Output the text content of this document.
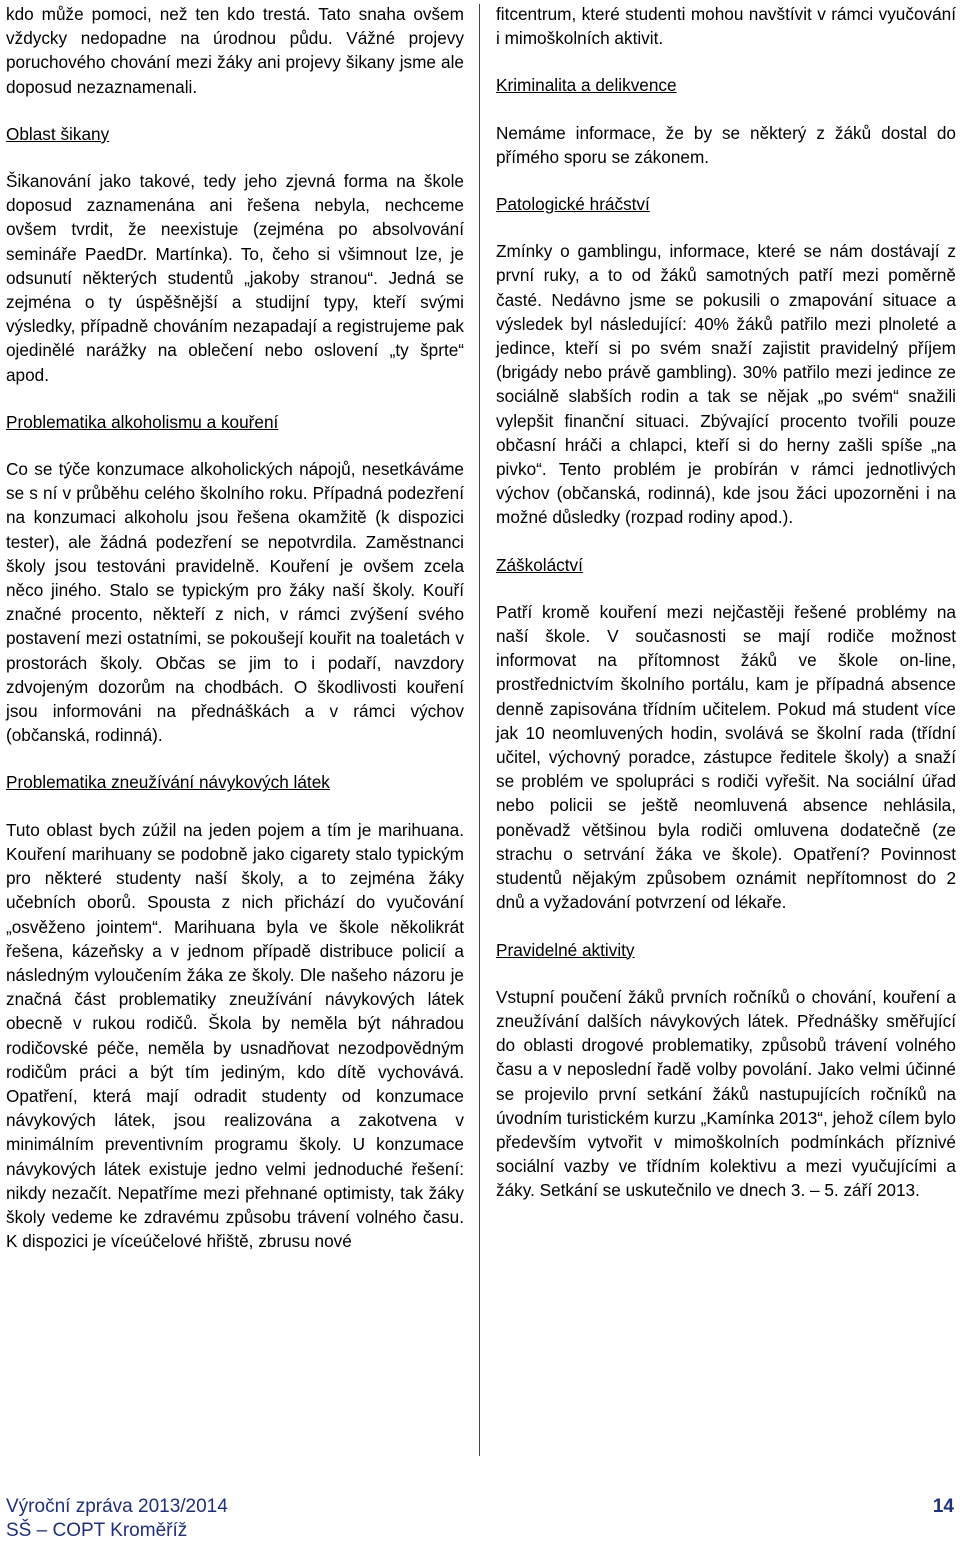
kdo může pomoci, než ten kdo trestá. Tato snaha ovšem vždycky nedopadne na úrodnou půdu. Vážné projevy poruchového chování mezi žáky ani projevy šikany jsme ale doposud nezaznamenali.

Oblast šikany

Šikanování jako takové, tedy jeho zjevná forma na škole doposud zaznamenána ani řešena nebyla, nechceme ovšem tvrdit, že neexistuje (zejména po absolvování semináře PaedDr. Martínka). To, čeho si všimnout lze, je odsunutí některých studentů „jakoby stranou“. Jedná se zejména o ty úspěšnější a studijní typy, kteří svými výsledky, případně chováním nezapadají a registrujeme pak ojedinělé narážky na oblečení nebo oslovení „ty šprte“ apod.

Problematika alkoholismu a kouření

Co se týče konzumace alkoholických nápojů, nesetkáváme se s ní v průběhu celého školního roku. Případná podezření na konzumaci alkoholu jsou řešena okamžitě (k dispozici tester), ale žádná podezření se nepotvrdila. Zaměstnanci školy jsou testováni pravidelně. Kouření je ovšem zcela něco jiného. Stalo se typickým pro žáky naší školy. Kouří značné procento, někteří z nich, v rámci zvýšení svého postavení mezi ostatními, se pokoušejí kouřit na toaletách v prostorách školy. Občas se jim to i podaří, navzdory zdvojeným dozorům na chodbách. O škodlivosti kouření jsou informováni na přednáškách a v rámci výchov (občanská, rodinná).

Problematika zneužívání návykových látek

Tuto oblast bych zúžil na jeden pojem a tím je marihuana. Kouření marihuany se podobně jako cigarety stalo typickým pro některé studenty naší školy, a to zejména žáky učebních oborů. Spousta z nich přichází do vyučování „osvěženo jointem“. Marihuana byla ve škole několikrát řešena, kázeňsky a v jednom případě distribuce policií a následným vyloučením žáka ze školy. Dle našeho názoru je značná část problematiky zneužívání návykových látek obecně v rukou rodičů. Škola by neměla být náhradou rodičovské péče, neměla by usnadňovat nezodpovědným rodičům práci a být tím jediným, kdo dítě vychovává. Opatření, která mají odradit studenty od konzumace návykových látek, jsou realizována a zakotvena v minimálním preventivním programu školy. U konzumace návykových látek existuje jedno velmi jednoduché řešení: nikdy nezačít. Nepatříme mezi přehnané optimisty, tak žáky školy vedeme ke zdravému způsobu trávení volného času. K dispozici je víceúčelové hřiště, zbrusu nové

fitcentrum, které studenti mohou navštívit v rámci vyučování i mimoškolních aktivit.

Kriminalita a delikvence

Nemáme informace, že by se některý z žáků dostal do přímého sporu se zákonem.

Patologické hráčství

Zmínky o gamblingu, informace, které se nám dostávají z první ruky, a to od žáků samotných patří mezi poměrně časté. Nedávno jsme se pokusili o zmapování situace a výsledek byl následující: 40% žáků patřilo mezi plnoleté a jedince, kteří si po svém snaží zajistit pravidelný příjem (brigády nebo právě gambling). 30% patřilo mezi jedince ze sociálně slabších rodin a tak se nějak „po svém“ snažili vylepšit finanční situaci. Zbývající procento tvořili pouze občasní hráči a chlapci, kteří si do herny zašli spíše „na pivko“. Tento problém je probírán v rámci jednotlivých výchov (občanská, rodinná), kde jsou žáci upozorněni i na možné důsledky (rozpad rodiny apod.).

Záškoláctví

Patří kromě kouření mezi nejčastěji řešené problémy na naší škole. V současnosti se mají rodiče možnost informovat na přítomnost žáků ve škole on-line, prostřednictvím školního portálu, kam je případná absence denně zapisována třídním učitelem. Pokud má student více jak 10 neomluvených hodin, svolává se školní rada (třídní učitel, výchovný poradce, zástupce ředitele školy) a snaží se problém ve spolupráci s rodiči vyřešit. Na sociální úřad nebo policii se ještě neomluvená absence nehlásila, poněvadž většinou byla rodiči omluvena dodatečně (ze strachu o setrvání žáka ve škole). Opatření? Povinnost studentů nějakým způsobem oznámit nepřítomnost do 2 dnů a vyžadování potvrzení od lékaře.

Pravidelné aktivity

Vstupní poučení žáků prvních ročníků o chování, kouření a zneužívání dalších návykových látek. Přednášky směřující do oblasti drogové problematiky, způsobů trávení volného času a v neposlední řadě volby povolání. Jako velmi účinné se projevilo první setkání žáků nastupujících ročníků na úvodním turistickém kurzu „Kamínka 2013“, jehož cílem bylo především vytvořit v mimoškolních podmínkách příznivé sociální vazby ve třídním kolektivu a mezi vyučujícími a žáky. Setkání se uskutečnilo ve dnech 3. – 5. září 2013.

Výroční zpráva 2013/2014
SŠ – COPT Kroměříž
14
